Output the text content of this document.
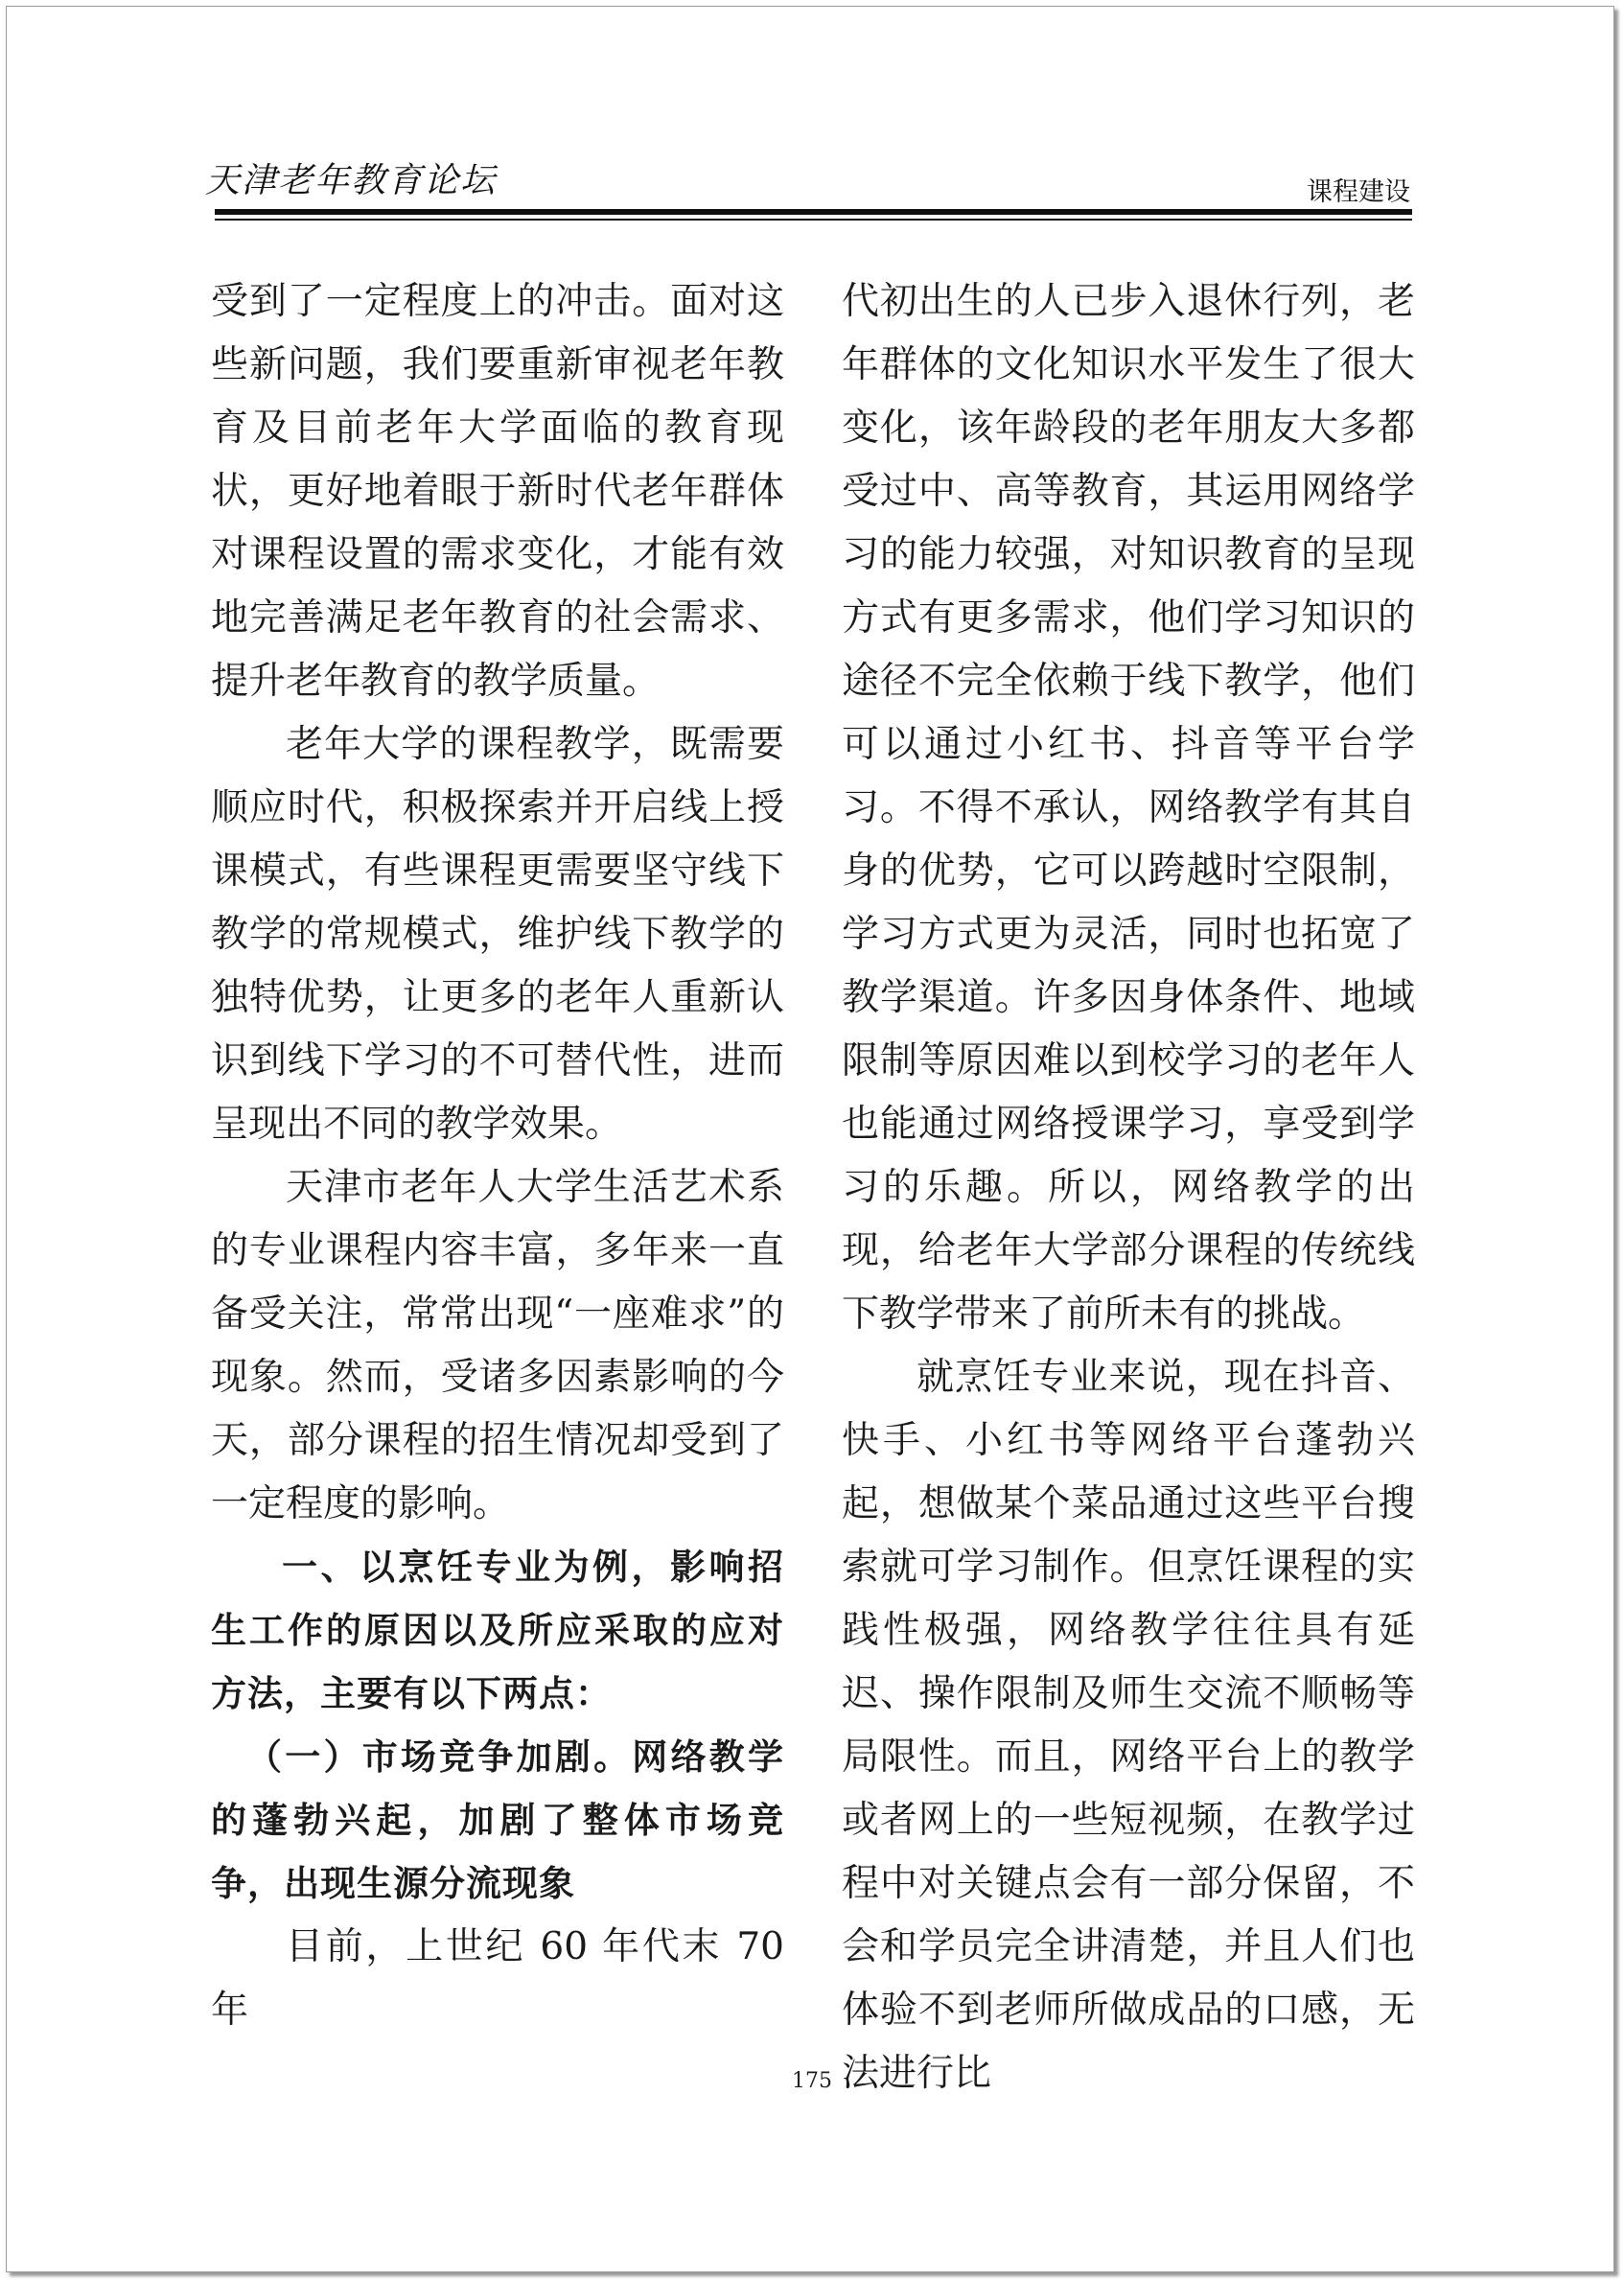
天津老年教育论坛	课程建设

受到了一定程度上的冲击。面对这些新问题，我们要重新审视老年教育及目前老年大学面临的教育现状，更好地着眼于新时代老年群体对课程设置的需求变化，才能有效地完善满足老年教育的社会需求、提升老年教育的教学质量。

老年大学的课程教学，既需要顺应时代，积极探索并开启线上授课模式，有些课程更需要坚守线下教学的常规模式，维护线下教学的独特优势，让更多的老年人重新认识到线下学习的不可替代性，进而呈现出不同的教学效果。

天津市老年人大学生活艺术系的专业课程内容丰富，多年来一直备受关注，常常出现“一座难求”的现象。然而，受诸多因素影响的今天，部分课程的招生情况却受到了一定程度的影响。

一、以烹饪专业为例，影响招生工作的原因以及所应采取的应对方法，主要有以下两点：

（一）市场竞争加剧。网络教学的蓬勃兴起，加剧了整体市场竞争，出现生源分流现象

目前，上世纪 60 年代末 70 年

代初出生的人已步入退休行列，老年群体的文化知识水平发生了很大变化，该年龄段的老年朋友大多都受过中、高等教育，其运用网络学习的能力较强，对知识教育的呈现方式有更多需求，他们学习知识的途径不完全依赖于线下教学，他们可以通过小红书、抖音等平台学习。不得不承认，网络教学有其自身的优势，它可以跨越时空限制，学习方式更为灵活，同时也拓宽了教学渠道。许多因身体条件、地域限制等原因难以到校学习的老年人也能通过网络授课学习，享受到学习的乐趣。所以，网络教学的出现，给老年大学部分课程的传统线下教学带来了前所未有的挑战。

就烹饪专业来说，现在抖音、快手、小红书等网络平台蓬勃兴起，想做某个菜品通过这些平台搜索就可学习制作。但烹饪课程的实践性极强，网络教学往往具有延迟、操作限制及师生交流不顺畅等局限性。而且，网络平台上的教学或者网上的一些短视频，在教学过程中对关键点会有一部分保留，不会和学员完全讲清楚，并且人们也体验不到老师所做成品的口感，无法进行比

175
